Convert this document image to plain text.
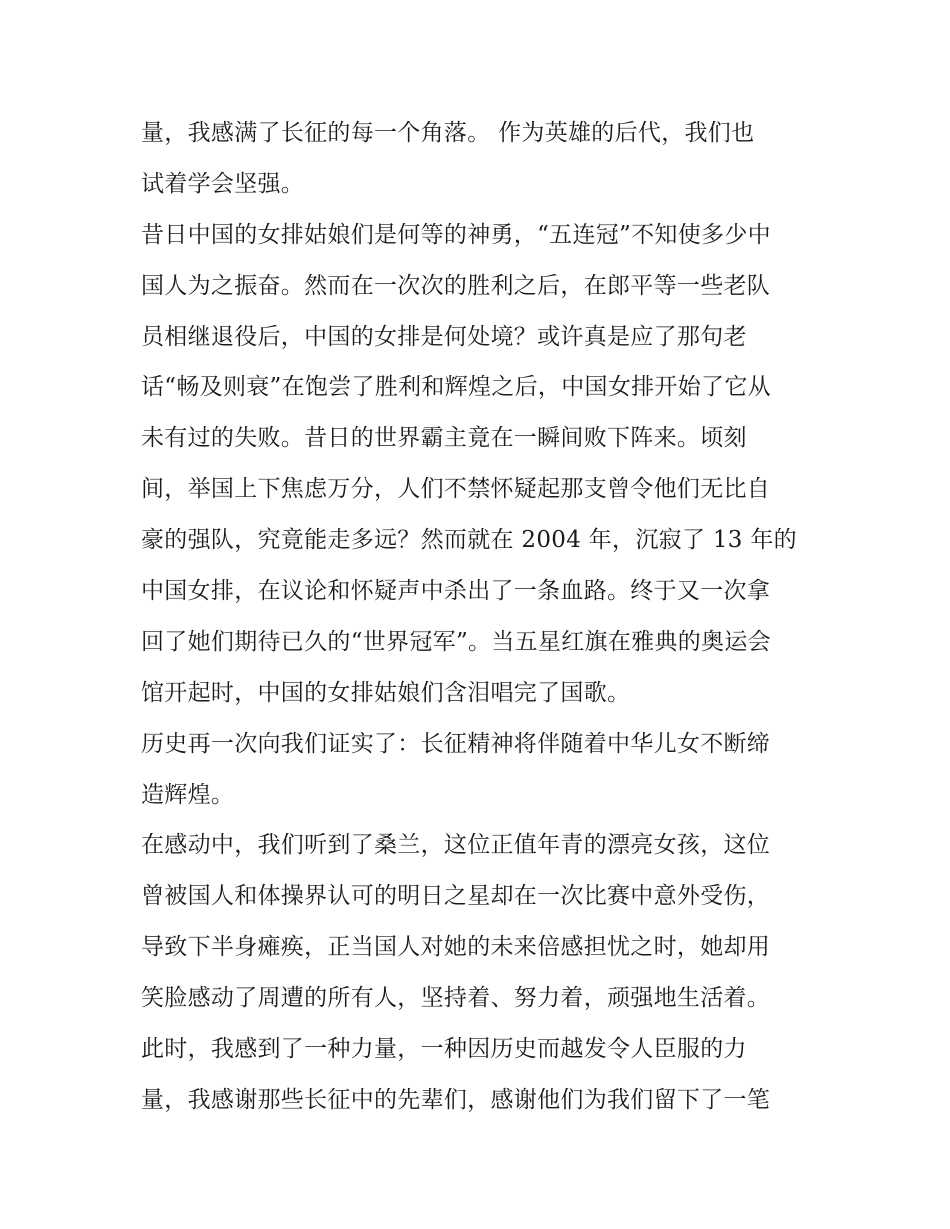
量，我感满了长征的每一个角落。 作为英雄的后代，我们也
试着学会坚强。
昔日中国的女排姑娘们是何等的神勇，“五连冠”不知使多少中
国人为之振奋。然而在一次次的胜利之后，在郎平等一些老队
员相继退役后，中国的女排是何处境？或许真是应了那句老
话“畅及则衰”在饱尝了胜利和辉煌之后，中国女排开始了它从
未有过的失败。昔日的世界霸主竟在一瞬间败下阵来。顷刻
间，举国上下焦虑万分，人们不禁怀疑起那支曾令他们无比自
豪的强队，究竟能走多远？然而就在 2004 年，沉寂了 13 年的
中国女排，在议论和怀疑声中杀出了一条血路。终于又一次拿
回了她们期待已久的“世界冠军”。当五星红旗在雅典的奥运会
馆开起时，中国的女排姑娘们含泪唱完了国歌。
历史再一次向我们证实了：长征精神将伴随着中华儿女不断缔
造辉煌。
在感动中，我们听到了桑兰，这位正值年青的漂亮女孩，这位
曾被国人和体操界认可的明日之星却在一次比赛中意外受伤，
导致下半身瘫痪，正当国人对她的未来倍感担忧之时，她却用
笑脸感动了周遭的所有人，坚持着、努力着，顽强地生活着。
此时，我感到了一种力量，一种因历史而越发令人臣服的力
量，我感谢那些长征中的先辈们，感谢他们为我们留下了一笔
